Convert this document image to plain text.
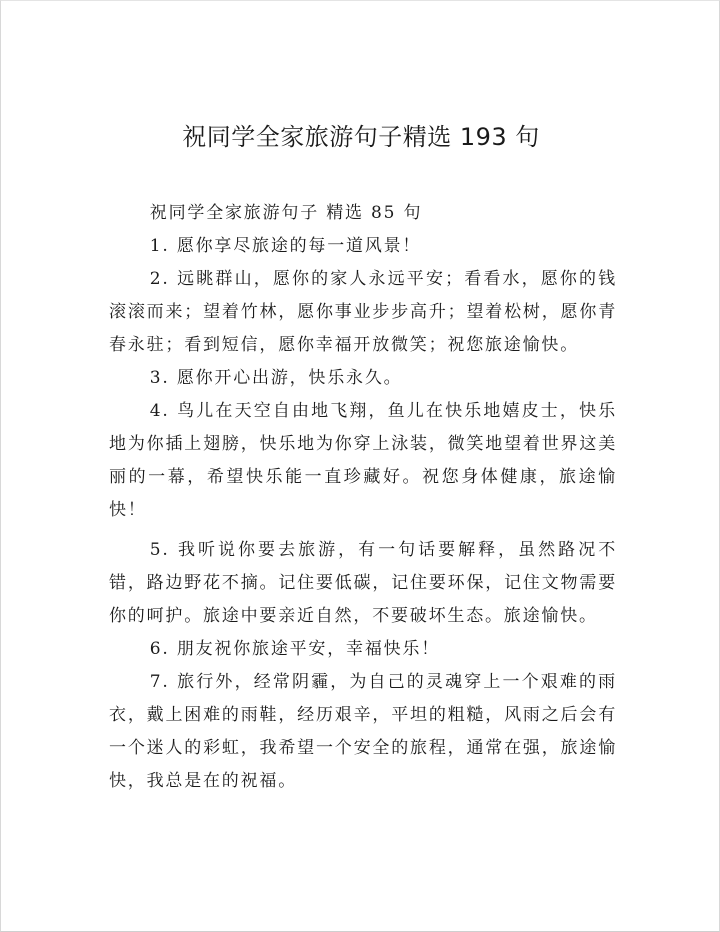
祝同学全家旅游句子精选 193 句

祝同学全家旅游句子 精选 85 句

1. 愿你享尽旅途的每一道风景！

2. 远眺群山，愿你的家人永远平安；看看水，愿你的钱滚滚而来；望着竹林，愿你事业步步高升；望着松树，愿你青春永驻；看到短信，愿你幸福开放微笑；祝您旅途愉快。

3. 愿你开心出游，快乐永久。

4. 鸟儿在天空自由地飞翔，鱼儿在快乐地嬉皮士，快乐地为你插上翅膀，快乐地为你穿上泳装，微笑地望着世界这美丽的一幕，希望快乐能一直珍藏好。祝您身体健康，旅途愉快！

5. 我听说你要去旅游，有一句话要解释，虽然路况不错，路边野花不摘。记住要低碳，记住要环保，记住文物需要你的呵护。旅途中要亲近自然，不要破坏生态。旅途愉快。

6. 朋友祝你旅途平安，幸福快乐！

7. 旅行外，经常阴霾，为自己的灵魂穿上一个艰难的雨衣，戴上困难的雨鞋，经历艰辛，平坦的粗糙，风雨之后会有一个迷人的彩虹，我希望一个安全的旅程，通常在强，旅途愉快，我总是在的祝福。
